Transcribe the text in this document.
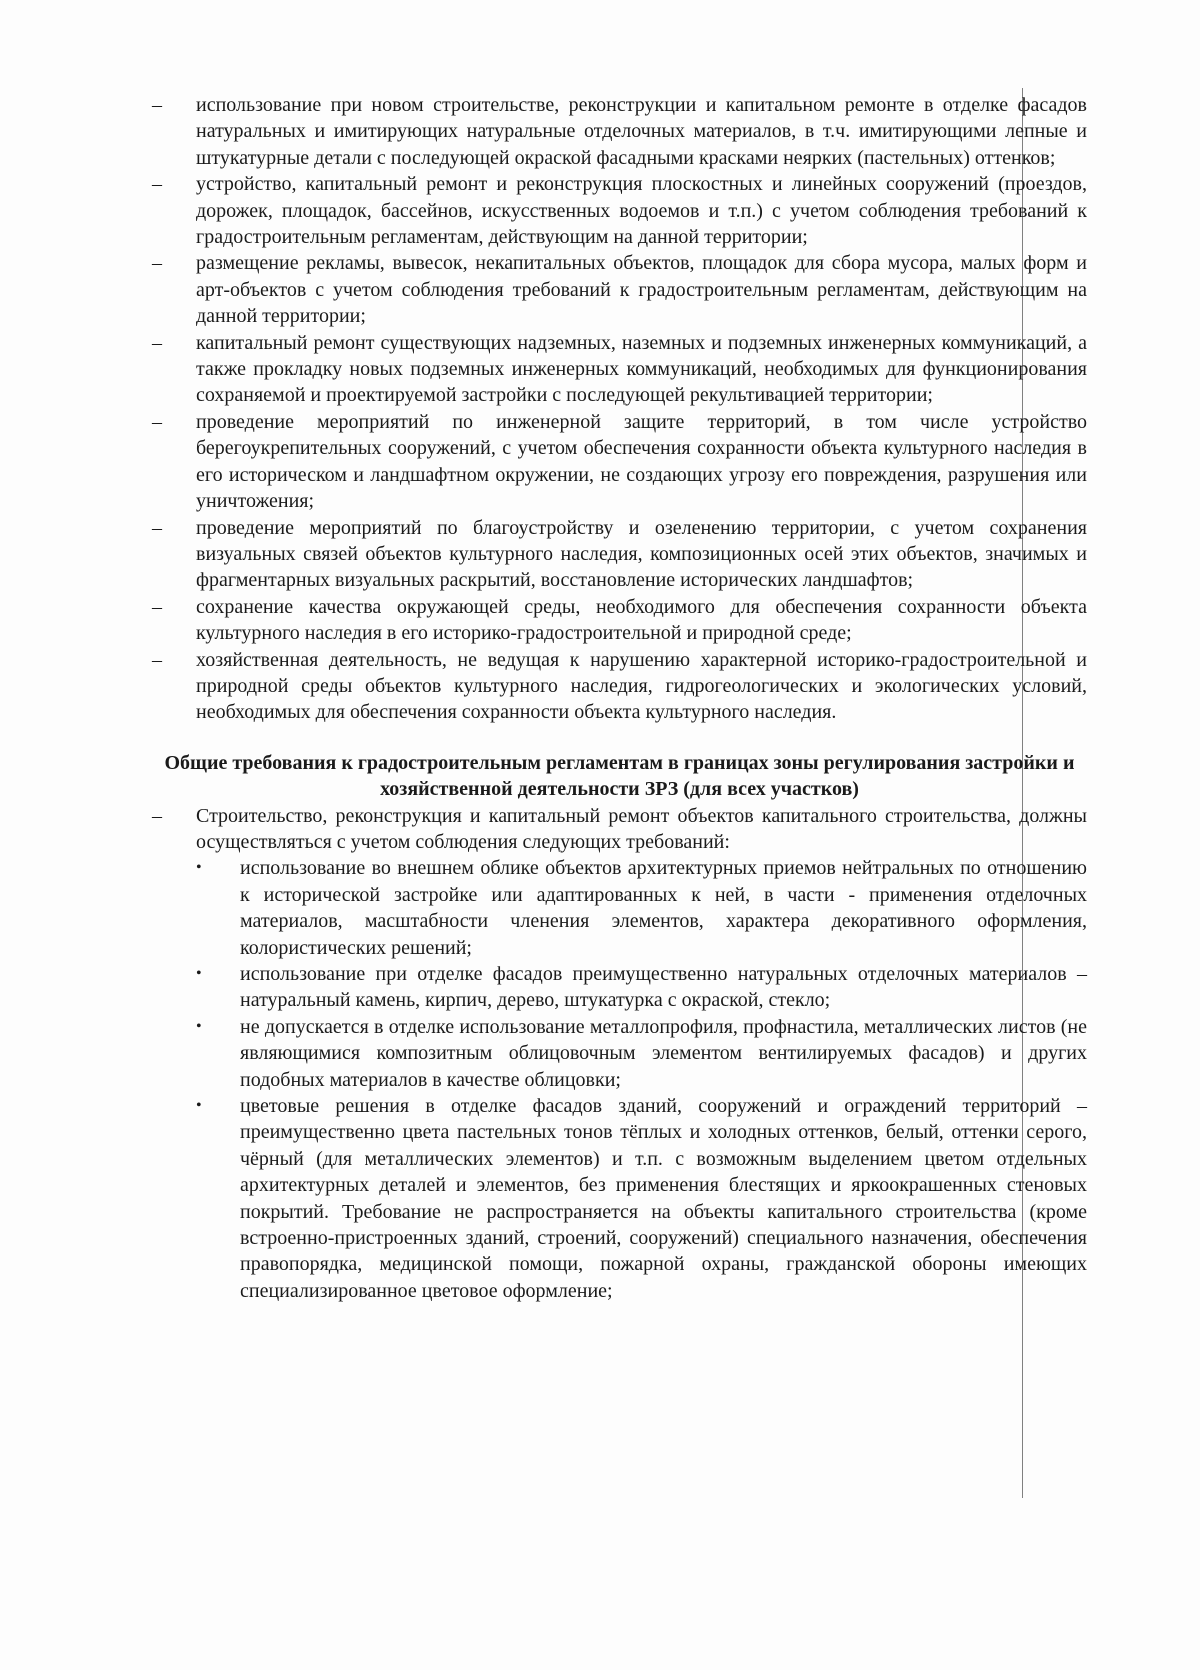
–	использование при новом строительстве, реконструкции и капитальном ремонте в отделке фасадов натуральных и имитирующих натуральные отделочных материалов, в т.ч. имитирующими лепные и штукатурные детали с последующей окраской фасадными красками неярких (пастельных) оттенков;
–	устройство, капитальный ремонт и реконструкция плоскостных и линейных сооружений (проездов, дорожек, площадок, бассейнов, искусственных водоемов и т.п.) с учетом соблюдения требований к градостроительным регламентам, действующим на данной территории;
–	размещение рекламы, вывесок, некапитальных объектов, площадок для сбора мусора, малых форм и арт-объектов с учетом соблюдения требований к градостроительным регламентам, действующим на данной территории;
–	капитальный ремонт существующих надземных, наземных и подземных инженерных коммуникаций, а также прокладку новых подземных инженерных коммуникаций, необходимых для функционирования сохраняемой и проектируемой застройки с последующей рекультивацией территории;
–	проведение мероприятий по инженерной защите территорий, в том числе устройство берегоукрепительных сооружений, с учетом обеспечения сохранности объекта культурного наследия в его историческом и ландшафтном окружении, не создающих угрозу его повреждения, разрушения или уничтожения;
–	проведение мероприятий по благоустройству и озеленению территории, с учетом сохранения визуальных связей объектов культурного наследия, композиционных осей этих объектов, значимых и фрагментарных визуальных раскрытий, восстановление исторических ландшафтов;
–	сохранение качества окружающей среды, необходимого для обеспечения сохранности объекта культурного наследия в его историко-градостроительной и природной среде;
–	хозяйственная деятельность, не ведущая к нарушению характерной историко-градостроительной и природной среды объектов культурного наследия, гидрогеологических и экологических условий, необходимых для обеспечения сохранности объекта культурного наследия.
Общие требования к градостроительным регламентам в границах зоны регулирования застройки и хозяйственной деятельности ЗРЗ (для всех участков)
–	Строительство, реконструкция и капитальный ремонт объектов капитального строительства, должны осуществляться с учетом соблюдения следующих требований:
•	использование во внешнем облике объектов архитектурных приемов нейтральных по отношению к исторической застройке или адаптированных к ней, в части - применения отделочных материалов, масштабности членения элементов, характера декоративного оформления, колористических решений;
•	использование при отделке фасадов преимущественно натуральных отделочных материалов – натуральный камень, кирпич, дерево, штукатурка с окраской, стекло;
•	не допускается в отделке использование металлопрофиля, профнастила, металлических листов (не являющимися композитным облицовочным элементом вентилируемых фасадов) и других подобных материалов в качестве облицовки;
•	цветовые решения в отделке фасадов зданий, сооружений и ограждений территорий – преимущественно цвета пастельных тонов тёплых и холодных оттенков, белый, оттенки серого, чёрный (для металлических элементов) и т.п. с возможным выделением цветом отдельных архитектурных деталей и элементов, без применения блестящих и яркоокрашенных стеновых покрытий. Требование не распространяется на объекты капитального строительства (кроме встроенно-пристроенных зданий, строений, сооружений) специального назначения, обеспечения правопорядка, медицинской помощи, пожарной охраны, гражданской обороны имеющих специализированное цветовое оформление;
